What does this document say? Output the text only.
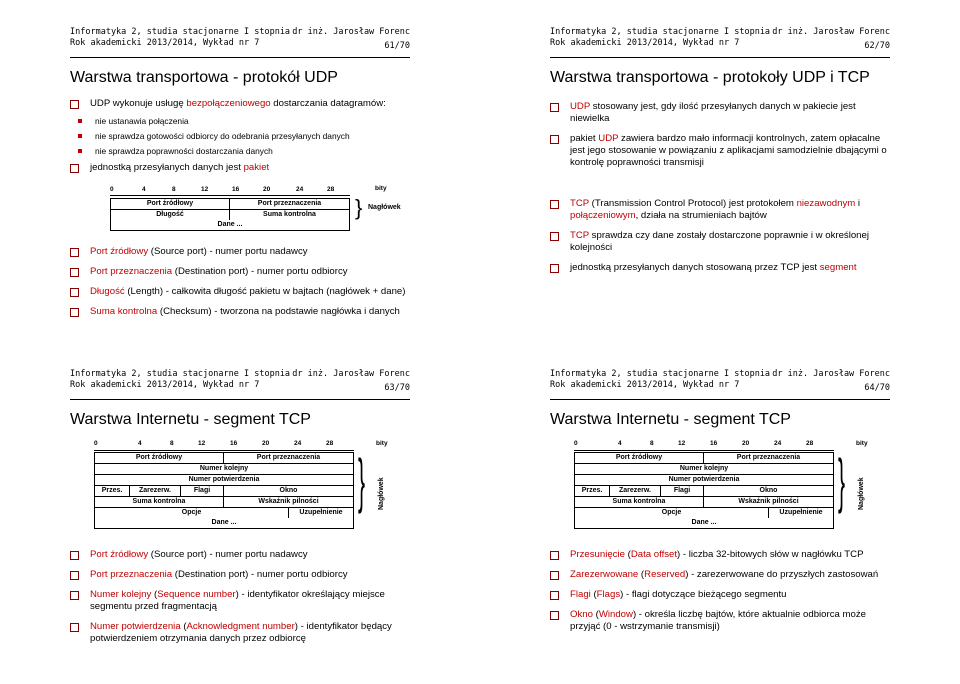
Informatyka 2, studia stacjonarne I stopnia
Rok akademicki 2013/2014, Wykład nr 7
dr inż. Jarosław Forenc
61/70
Warstwa transportowa - protokół UDP
UDP wykonuje usługę bezpołączeniowego dostarczania datagramów:
nie ustanawia połączenia
nie sprawdza gotowości odbiorcy do odebrania przesyłanych danych
nie sprawdza poprawności dostarczania danych
jednostką przesyłanych danych jest pakiet
0	4	8	12	16	20	24	28	bity
Port źródłowy	Port przeznaczenia
Długość	Suma kontrolna
Dane ...
} Nagłówek
Port źródłowy (Source port) - numer portu nadawcy
Port przeznaczenia (Destination port) - numer portu odbiorcy
Długość (Length) - całkowita długość pakietu w bajtach (nagłówek + dane)
Suma kontrolna (Checksum) - tworzona na podstawie nagłówka i danych
Informatyka 2, studia stacjonarne I stopnia
Rok akademicki 2013/2014, Wykład nr 7
dr inż. Jarosław Forenc
62/70
Warstwa transportowa - protokoły UDP i TCP
UDP stosowany jest, gdy ilość przesyłanych danych w pakiecie jest niewielka
pakiet UDP zawiera bardzo mało informacji kontrolnych, zatem opłacalne jest jego stosowanie w powiązaniu z aplikacjami samodzielnie dbającymi o kontrolę poprawności transmisji
TCP (Transmission Control Protocol) jest protokołem niezawodnym i połączeniowym, działa na strumieniach bajtów
TCP sprawdza czy dane zostały dostarczone poprawnie i w określonej kolejności
jednostką przesyłanych danych stosowaną przez TCP jest segment
Informatyka 2, studia stacjonarne I stopnia
Rok akademicki 2013/2014, Wykład nr 7
dr inż. Jarosław Forenc
63/70
Warstwa Internetu - segment TCP
0	4	8	12	16	20	24	28	bity
Port źródłowy	Port przeznaczenia
Numer kolejny
Numer potwierdzenia
Przes.	Zarezerw.	Flagi	Okno
Suma kontrolna	Wskaźnik pilności
Opcje	Uzupełnienie
Dane ...
} Nagłówek
Port źródłowy (Source port) - numer portu nadawcy
Port przeznaczenia (Destination port) - numer portu odbiorcy
Numer kolejny (Sequence number) - identyfikator określający miejsce segmentu przed fragmentacją
Numer potwierdzenia (Acknowledgment number) - identyfikator będący potwierdzeniem otrzymania danych przez odbiorcę
Informatyka 2, studia stacjonarne I stopnia
Rok akademicki 2013/2014, Wykład nr 7
dr inż. Jarosław Forenc
64/70
Warstwa Internetu - segment TCP
0	4	8	12	16	20	24	28	bity
Port źródłowy	Port przeznaczenia
Numer kolejny
Numer potwierdzenia
Przes.	Zarezerw.	Flagi	Okno
Suma kontrolna	Wskaźnik pilności
Opcje	Uzupełnienie
Dane ...
} Nagłówek
Przesunięcie (Data offset) - liczba 32-bitowych słów w nagłówku TCP
Zarezerwowane (Reserved) - zarezerwowane do przyszłych zastosowań
Flagi (Flags) - flagi dotyczące bieżącego segmentu
Okno (Window) - określa liczbę bajtów, które aktualnie odbiorca może przyjąć (0 - wstrzymanie transmisji)
